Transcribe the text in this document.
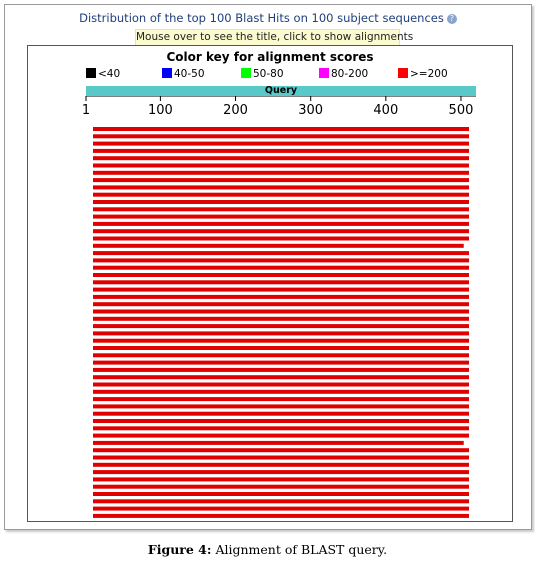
Distribution of the top 100 Blast Hits on 100 subject sequences ?
Mouse over to see the title, click to show alignments
Color key for alignment scores
<40	40-50	50-80	80-200	>=200
Query
1	100	200	300	400	500
Figure 4: Alignment of BLAST query.
